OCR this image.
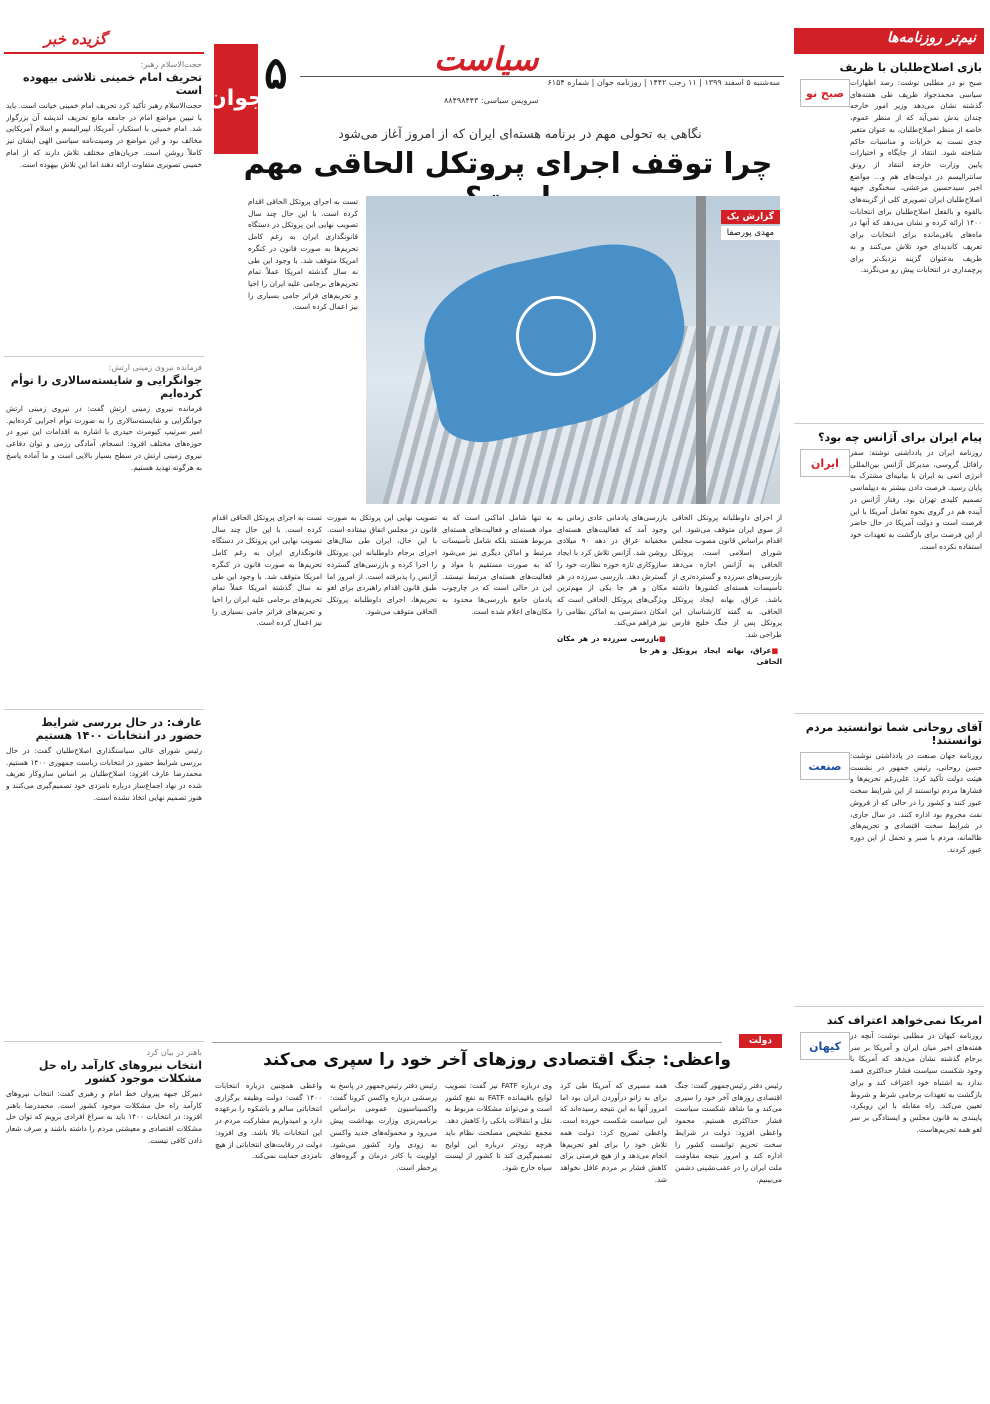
نیم‌تر روزنامه‌ها
بازی اصلاح‌طلبان با ظریف
صبح نو
صبح نو در مطلبی نوشت: رصد اظهارات سیاسی محمدجواد ظریف طی هفته‌های گذشته نشان می‌دهد وزیر امور خارجه چندان بدش نمی‌آید که از منظر عموم، خاصه از منظر اصلاح‌طلبان، به عنوان متغیر جدی تست به خرابات و مناسبات حاکم شناخته شود. انتقاد از جایگاه و اختیارات پایین وزارت خارجه انتقاد از رونق سانترالیسم در دولت‌های هم و... مواضع اخیر سیدحسین مرعشی، سخنگوی جبهه اصلاح‌طلبان ایران تصویری کلی از گزینه‌های بالقوه و بالفعل اصلاح‌طلبان برای انتخابات ۱۴۰۰ ارائه کرده و نشان می‌دهد که آنها در ماه‌های باقی‌مانده برای انتخابات برای تعریف کاندیدای خود تلاش می‌کنند و به ظریف به‌عنوان گزینه نزدیک‌تر برای پرچمداری در انتخابات پیش رو می‌نگرند.
پیام ایران برای آژانس چه بود؟
ایران
روزنامه ایران در یادداشتی نوشته: سفر رافائل گروسی، مدیرکل آژانس بین‌المللی انرژی اتمی به ایران با بیانیه‌ای مشترک به پایان رسید. فرصت دادن بیشتر به دیپلماسی تصمیم کلیدی تهران بود. رفتار آژانس در آینده هم در گروی نحوه تعامل آمریکا با این فرصت است و دولت آمریکا در حال حاضر از این فرصت برای بازگشت به تعهدات خود استفاده نکرده است.
آقای روحانی شما توانستید مردم توانستند!
صنعت
روزنامه جهان صنعت در یادداشتی نوشت: حسن روحانی، رئیس جمهور در نشست هیئت دولت تأکید کرد: علی‌رغم تحریم‌ها و فشارها مردم توانستند از این شرایط سخت عبور کنند و کشور را در حالی که از فروش نفت محروم بود اداره کنند. در سال جاری، در شرایط سخت اقتصادی و تحریم‌های ظالمانه، مردم با صبر و تحمل از این دوره عبور کردند.
امریکا نمی‌خواهد اعتراف کند
کیهان
روزنامه کیهان در مطلبی نوشت: آنچه در هفته‌های اخیر میان ایران و آمریکا بر سر برجام گذشته نشان می‌دهد که آمریکا با وجود شکست سیاست فشار حداکثری قصد ندارد به اشتباه خود اعتراف کند و برای بازگشت به تعهدات برجامی شرط و شروط تعیین می‌کند. راه مقابله با این رویکرد، پایبندی به قانون مجلس و ایستادگی بر سر لغو همه تحریم‌هاست.
گزیده خبر
حجت‌الاسلام رهبر:
تحریف امام خمینی تلاشی بیهوده است
حجت‌الاسلام رهبر تأکید کرد تحریف امام خمینی خیانت است. باید با تبیین مواضع امام در جامعه مانع تحریف اندیشه آن بزرگوار شد. امام خمینی با استکبار، آمریکا، لیبرالیسم و اسلام آمریکایی مخالف بود و این مواضع در وصیت‌نامه سیاسی الهی ایشان نیز کاملاً روشن است. جریان‌های مختلف تلاش دارند که از امام خمینی تصویری متفاوت ارائه دهند اما این تلاش بیهوده است.
فرمانده نیروی زمینی ارتش:
جوانگرایی و شایسته‌سالاری را توأم کرده‌ایم
فرمانده نیروی زمینی ارتش گفت: در نیروی زمینی ارتش جوانگرایی و شایسته‌سالاری را به صورت توأم اجرایی کرده‌ایم. امیر سرتیپ کیومرث حیدری با اشاره به اقدامات این نیرو در حوزه‌های مختلف افزود: انسجام، آمادگی رزمی و توان دفاعی نیروی زمینی ارتش در سطح بسیار بالایی است و ما آماده پاسخ به هرگونه تهدید هستیم.
عارف: در حال بررسی شرایط حضور در انتخابات ۱۴۰۰ هستیم
رئیس شورای عالی سیاستگذاری اصلاح‌طلبان گفت: در حال بررسی شرایط حضور در انتخابات ریاست جمهوری ۱۴۰۰ هستیم. محمدرضا عارف افزود: اصلاح‌طلبان بر اساس سازوکار تعریف شده در نهاد اجماع‌ساز درباره نامزدی خود تصمیم‌گیری می‌کنند و هنوز تصمیم نهایی اتخاذ نشده است.
باهنر در بیان کرد
انتخاب نیروهای کارآمد راه حل مشکلات موجود کشور
دبیرکل جبهه پیروان خط امام و رهبری گفت: انتخاب نیروهای کارآمد راه حل مشکلات موجود کشور است. محمدرضا باهنر افزود: در انتخابات ۱۴۰۰ باید به سراغ افرادی برویم که توان حل مشکلات اقتصادی و معیشتی مردم را داشته باشند و صرف شعار دادن کافی نیست.
جوان ۵	سیاست
سه‌شنبه ۵ اسفند ۱۳۹۹ | ۱۱ رجب ۱۴۴۲ | روزنامه جوان | شماره ۶۱۵۴
سرویس سیاسی: ۸۸۴۹۸۴۴۳
نگاهی به تحولی مهم در برنامه هسته‌ای ایران که از امروز آغاز می‌شود
چرا توقف اجرای پروتکل الحاقی مهم
گزارش یک
مهدی پورصفا
تست به اجرای پروتکل الحاقی اقدام کرده است. با این حال چند سال تصویب نهایی این پروتکل در دستگاه قانونگذاری ایران به رغم کامل تحریم‌ها به صورت قانون در کنگره امریکا متوقف شد. با وجود این طی نه سال گذشته امریکا عملاً تمام تحریم‌های برجامی علیه ایران را احیا و تحریم‌های فراتر جامی بسیاری را نیز اعمال کرده است.
از اجرای داوطلبانه پروتکل الحاقی از سوی ایران متوقف می‌شود. این اقدام براساس قانون مصوب مجلس شورای اسلامی است. پروتکل الحاقی به آژانس اجازه می‌دهد بازرسی‌های سرزده و گسترده‌تری از تأسیسات هسته‌ای کشورها داشته باشد. عراق، بهانه ایجاد پروتکل الحاقی. به گفته کارشناسان این پروتکل پس از جنگ خلیج فارس طراحی شد.
■ عراق، بهانه ایجاد پروتکل الحاقی
بازرسی‌های پادمانی عادی زمانی به وجود آمد که فعالیت‌های هسته‌ای مخفیانه عراق در دهه ۹۰ میلادی روشن شد. آژانس تلاش کرد با ایجاد سازوکاری تازه حوزه نظارت خود را گسترش دهد. بازرسی سرزده در هر مکان و هر جا یکی از مهم‌ترین ویژگی‌های پروتکل الحاقی است که امکان دسترسی به اماکن نظامی را نیز فراهم می‌کند.
■ بازرسی سرزده در هر مکان و هر جا
به تنها شامل اماکنی است که به مواد هسته‌ای و فعالیت‌های هسته‌ای مربوط هستند بلکه شامل تأسیسات مرتبط و اماکن دیگری نیز می‌شود که به صورت مستقیم با مواد و فعالیت‌های هسته‌ای مرتبط نیستند. این در حالی است که در چارچوب پادمان جامع بازرسی‌ها محدود به مکان‌های اعلام شده است.
تصویب نهایی این پروتکل به صورت قانون در مجلس اتفاق نیفتاده است. با این حال، ایران طی سال‌های اجرای برجام داوطلبانه این پروتکل را اجرا کرده و بازرسی‌های گسترده آژانس را پذیرفته است. از امروز اما طبق قانون اقدام راهبردی برای لغو تحریم‌ها، اجرای داوطلبانه پروتکل الحاقی متوقف می‌شود.
تست به اجرای پروتکل الحاقی اقدام کرده است. با این حال چند سال تصویب نهایی این پروتکل در دستگاه قانونگذاری ایران به رغم کامل تحریم‌ها به صورت قانون در کنگره امریکا متوقف شد. با وجود این طی نه سال گذشته امریکا عملاً تمام تحریم‌های برجامی علیه ایران را احیا و تحریم‌های فراتر جامی بسیاری را نیز اعمال کرده است.
دولت
واعظی: جنگ اقتصادی روزهای آخر خود را سپری می‌کند
رئیس دفتر رئیس‌جمهور گفت: جنگ اقتصادی روزهای آخر خود را سپری می‌کند و ما شاهد شکست سیاست فشار حداکثری هستیم. محمود واعظی افزود: دولت در شرایط سخت تحریم توانست کشور را اداره کند و امروز نتیجه مقاومت ملت ایران را در عقب‌نشینی دشمن می‌بینیم.
همه مسیری که آمریکا طی کرد برای به زانو درآوردن ایران بود اما امروز آنها به این نتیجه رسیده‌اند که این سیاست شکست خورده است. واعظی تصریح کرد: دولت همه تلاش خود را برای لغو تحریم‌ها انجام می‌دهد و از هیچ فرصتی برای کاهش فشار بر مردم غافل نخواهد شد.
وی درباره FATF نیز گفت: تصویب لوایح باقیمانده FATF به نفع کشور است و می‌تواند مشکلات مربوط به نقل و انتقالات بانکی را کاهش دهد. مجمع تشخیص مصلحت نظام باید هرچه زودتر درباره این لوایح تصمیم‌گیری کند تا کشور از لیست سیاه خارج شود.
رئیس دفتر رئیس‌جمهور در پاسخ به پرسشی درباره واکسن کرونا گفت: واکسیناسیون عمومی براساس برنامه‌ریزی وزارت بهداشت پیش می‌رود و محموله‌های جدید واکسن به زودی وارد کشور می‌شود. اولویت با کادر درمان و گروه‌های پرخطر است.
واعظی همچنین درباره انتخابات ۱۴۰۰ گفت: دولت وظیفه برگزاری انتخاباتی سالم و باشکوه را برعهده دارد و امیدواریم مشارکت مردم در این انتخابات بالا باشد. وی افزود: دولت در رقابت‌های انتخاباتی از هیچ نامزدی حمایت نمی‌کند.
